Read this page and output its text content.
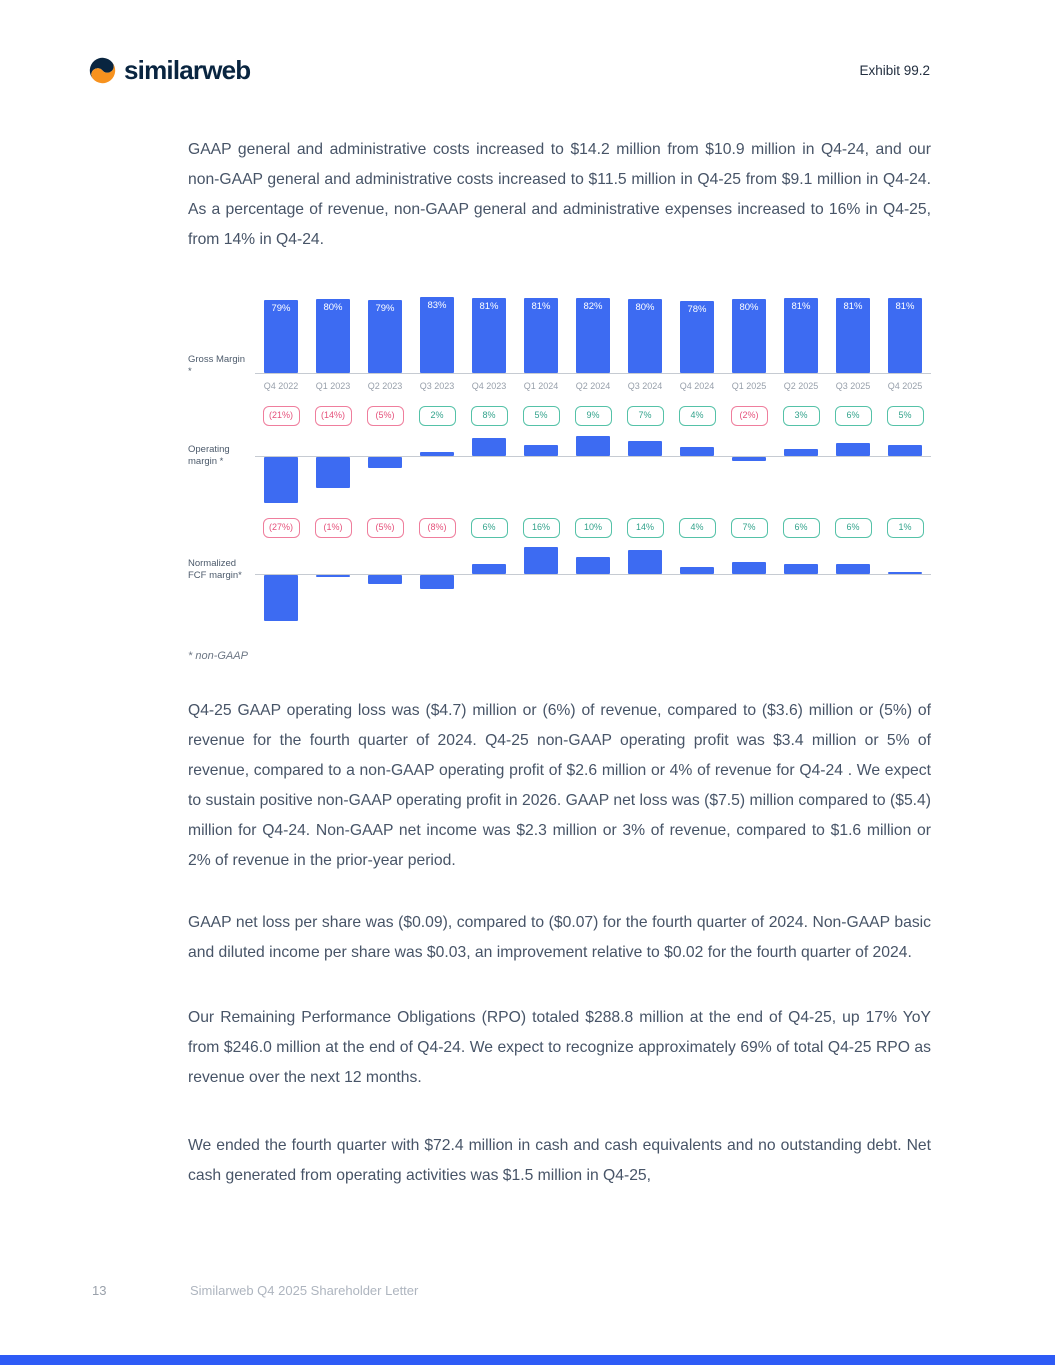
similarweb	Exhibit 99.2

GAAP general and administrative costs increased to $14.2 million from $10.9 million in Q4-24, and our non-GAAP general and administrative costs increased to $11.5 million in Q4-25 from $9.1 million in Q4-24. As a percentage of revenue, non-GAAP general and administrative expenses increased to 16% in Q4-25, from 14% in Q4-24.

Gross Margin *
79%	80%	79%	83%	81%	81%	82%	80%	78%	80%	81%	81%	81%
Q4 2022	Q1 2023	Q2 2023	Q3 2023	Q4 2023	Q1 2024	Q2 2024	Q3 2024	Q4 2024	Q1 2025	Q2 2025	Q3 2025	Q4 2025
Operating margin *
(21%)	(14%)	(5%)	2%	8%	5%	9%	7%	4%	(2%)	3%	6%	5%
Normalized FCF margin*
(27%)	(1%)	(5%)	(8%)	6%	16%	10%	14%	4%	7%	6%	6%	1%
* non-GAAP

Q4-25 GAAP operating loss was ($4.7) million or (6%) of revenue, compared to ($3.6) million or (5%) of revenue for the fourth quarter of 2024. Q4-25 non-GAAP operating profit was $3.4 million or 5% of revenue, compared to a non-GAAP operating profit of $2.6 million or 4% of revenue for Q4-24 . We expect to sustain positive non-GAAP operating profit in 2026. GAAP net loss was ($7.5) million compared to ($5.4) million for Q4-24. Non-GAAP net income was $2.3 million or 3% of revenue, compared to $1.6 million or 2% of revenue in the prior-year period.

GAAP net loss per share was ($0.09), compared to ($0.07) for the fourth quarter of 2024. Non-GAAP basic and diluted income per share was $0.03, an improvement relative to $0.02 for the fourth quarter of 2024.

Our Remaining Performance Obligations (RPO) totaled $288.8 million at the end of Q4-25, up 17% YoY from $246.0 million at the end of Q4-24. We expect to recognize approximately 69% of total Q4-25 RPO as revenue over the next 12 months.

We ended the fourth quarter with $72.4 million in cash and cash equivalents and no outstanding debt. Net cash generated from operating activities was $1.5 million in Q4-25,

13	Similarweb Q4 2025 Shareholder Letter
